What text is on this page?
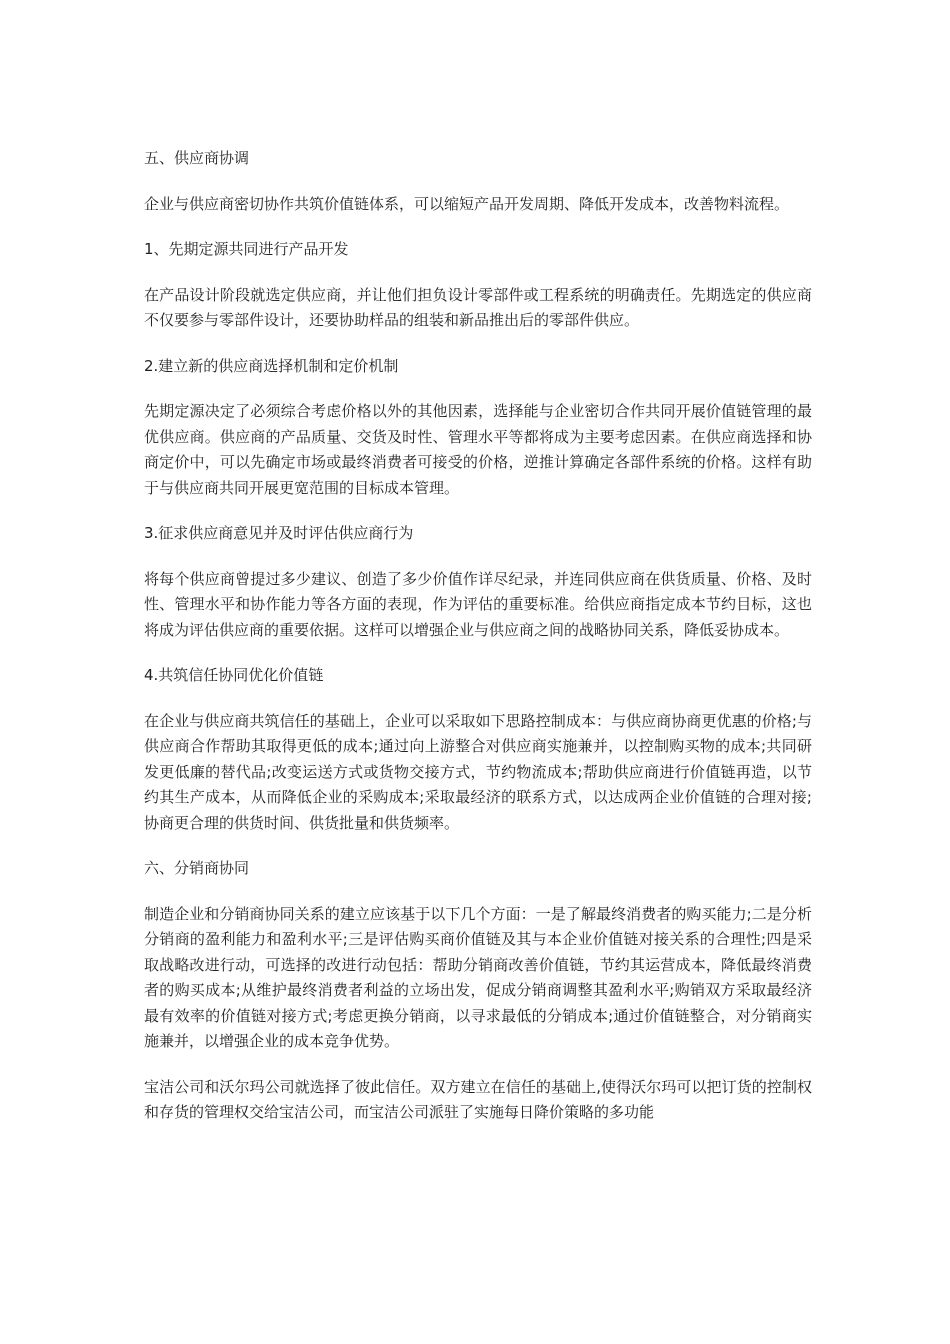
五、供应商协调

企业与供应商密切协作共筑价值链体系，可以缩短产品开发周期、降低开发成本，改善物料流程。

1、先期定源共同进行产品开发

在产品设计阶段就选定供应商，并让他们担负设计零部件或工程系统的明确责任。先期选定的供应商不仅要参与零部件设计，还要协助样品的组装和新品推出后的零部件供应。

2.建立新的供应商选择机制和定价机制

先期定源决定了必须综合考虑价格以外的其他因素，选择能与企业密切合作共同开展价值链管理的最优供应商。供应商的产品质量、交货及时性、管理水平等都将成为主要考虑因素。在供应商选择和协商定价中，可以先确定市场或最终消费者可接受的价格，逆推计算确定各部件系统的价格。这样有助于与供应商共同开展更宽范围的目标成本管理。

3.征求供应商意见并及时评估供应商行为

将每个供应商曾提过多少建议、创造了多少价值作详尽纪录，并连同供应商在供货质量、价格、及时性、管理水平和协作能力等各方面的表现，作为评估的重要标准。给供应商指定成本节约目标，这也将成为评估供应商的重要依据。这样可以增强企业与供应商之间的战略协同关系，降低妥协成本。

4.共筑信任协同优化价值链

在企业与供应商共筑信任的基础上，企业可以采取如下思路控制成本：与供应商协商更优惠的价格;与供应商合作帮助其取得更低的成本;通过向上游整合对供应商实施兼并，以控制购买物的成本;共同研发更低廉的替代品;改变运送方式或货物交接方式，节约物流成本;帮助供应商进行价值链再造，以节约其生产成本，从而降低企业的采购成本;采取最经济的联系方式，以达成两企业价值链的合理对接;协商更合理的供货时间、供货批量和供货频率。

六、分销商协同

制造企业和分销商协同关系的建立应该基于以下几个方面：一是了解最终消费者的购买能力;二是分析分销商的盈利能力和盈利水平;三是评估购买商价值链及其与本企业价值链对接关系的合理性;四是采取战略改进行动，可选择的改进行动包括：帮助分销商改善价值链，节约其运营成本，降低最终消费者的购买成本;从维护最终消费者利益的立场出发，促成分销商调整其盈利水平;购销双方采取最经济最有效率的价值链对接方式;考虑更换分销商，以寻求最低的分销成本;通过价值链整合，对分销商实施兼并，以增强企业的成本竞争优势。

宝洁公司和沃尔玛公司就选择了彼此信任。双方建立在信任的基础上,使得沃尔玛可以把订货的控制权和存货的管理权交给宝洁公司，而宝洁公司派驻了实施每日降价策略的多功能
